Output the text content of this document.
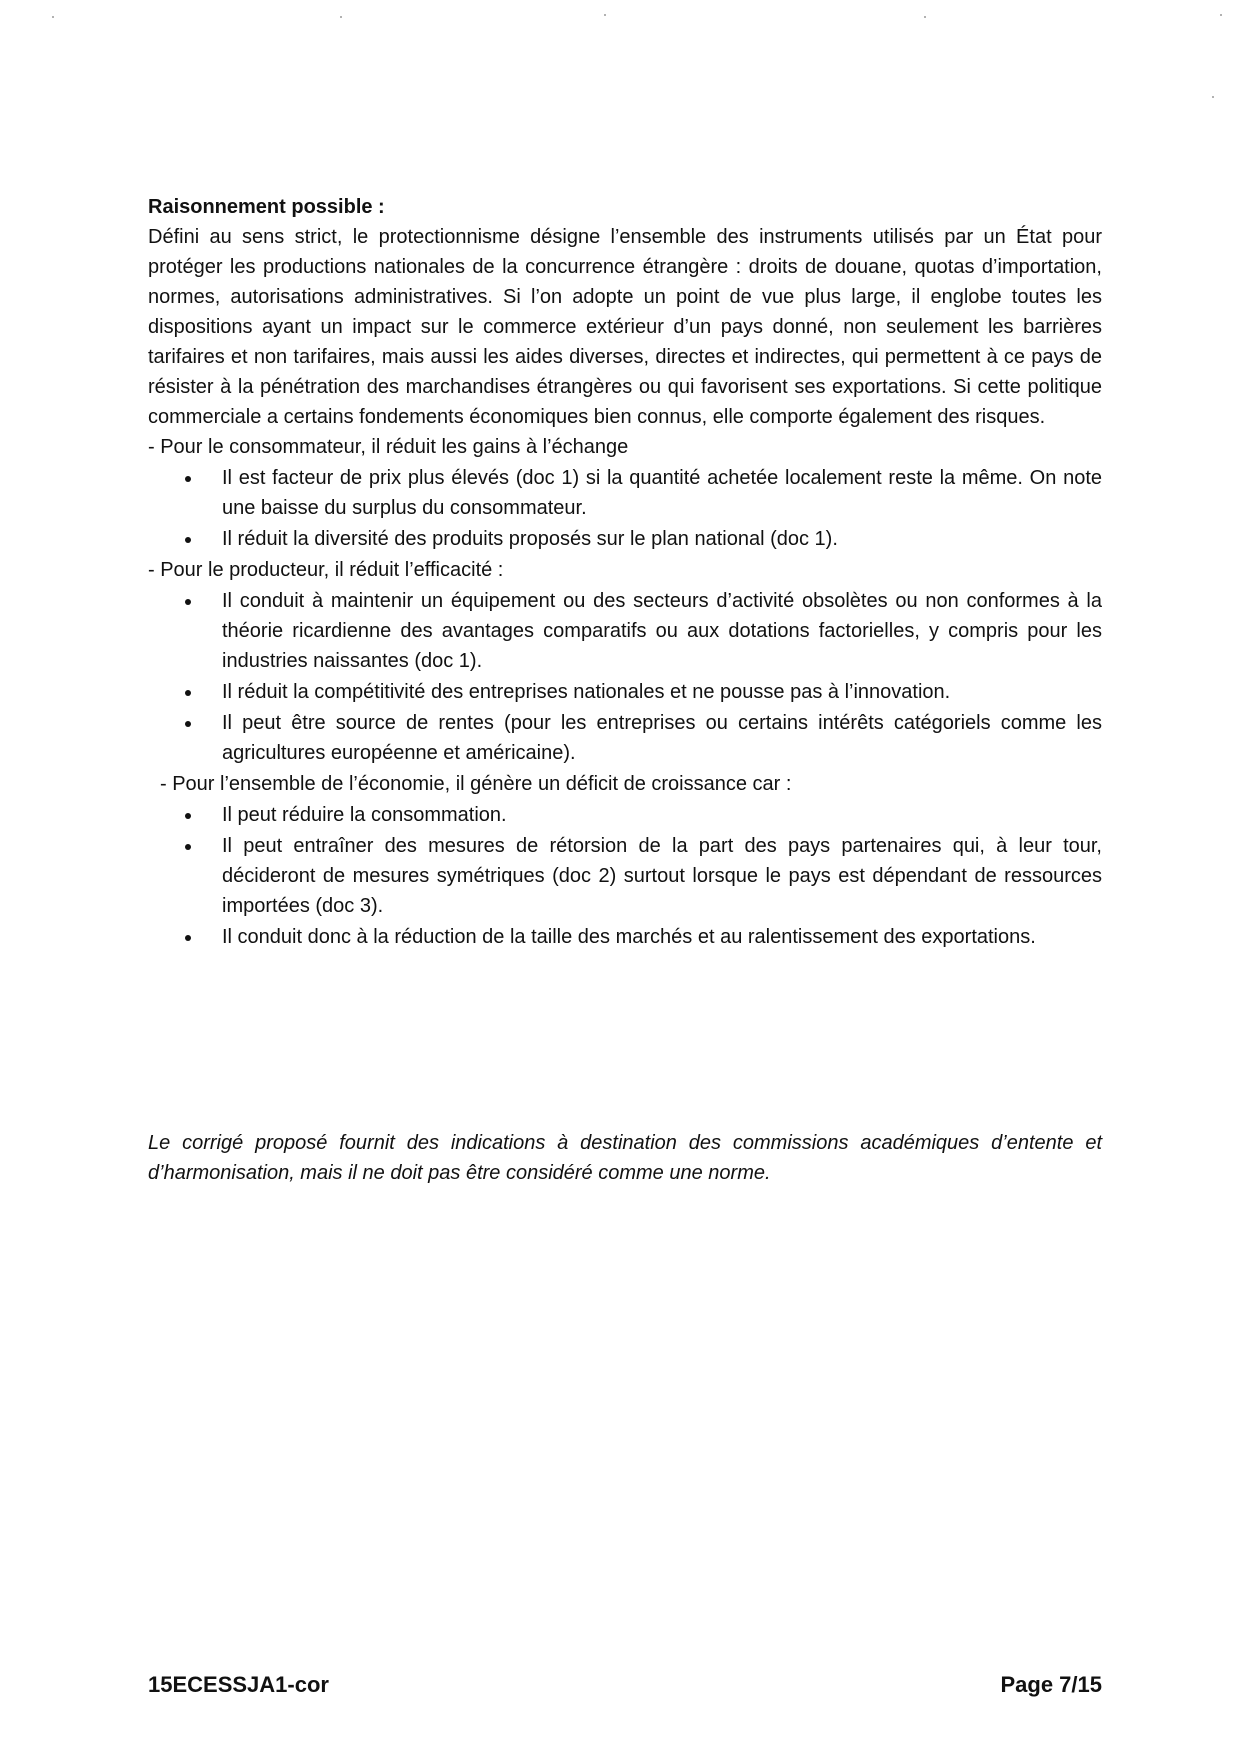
Raisonnement possible :

Défini au sens strict, le protectionnisme désigne l’ensemble des instruments utilisés par un État pour protéger les productions nationales de la concurrence étrangère : droits de douane, quotas d’importation, normes, autorisations administratives. Si l’on adopte un point de vue plus large, il englobe toutes les dispositions ayant un impact sur le commerce extérieur d’un pays donné, non seulement les barrières tarifaires et non tarifaires, mais aussi les aides diverses, directes et indirectes, qui permettent à ce pays de résister à la pénétration des marchandises étrangères ou qui favorisent ses exportations. Si cette politique commerciale a certains fondements économiques bien connus, elle comporte également des risques.

- Pour le consommateur, il réduit les gains à l’échange

Il est facteur de prix plus élevés (doc 1) si la quantité achetée localement reste la même. On note une baisse du surplus du consommateur.
Il réduit la diversité des produits proposés sur le plan national (doc 1).

- Pour le producteur, il réduit l’efficacité :

Il conduit à maintenir un équipement ou des secteurs d’activité obsolètes ou non conformes à la théorie ricardienne des avantages comparatifs ou aux dotations factorielles, y compris pour les industries naissantes (doc 1).
Il réduit la compétitivité des entreprises nationales et ne pousse pas à l’innovation.
Il peut être source de rentes (pour les entreprises ou certains intérêts catégoriels comme les agricultures européenne et américaine).

- Pour l’ensemble de l’économie, il génère un déficit de croissance car :

Il peut réduire la consommation.
Il peut entraîner des mesures de rétorsion de la part des pays partenaires qui, à leur tour, décideront de mesures symétriques (doc 2) surtout lorsque le pays est dépendant de ressources importées (doc 3).
Il conduit donc à la réduction de la taille des marchés et au ralentissement des exportations.

Le corrigé proposé fournit des indications à destination des commissions académiques d’entente et d’harmonisation, mais il ne doit pas être considéré comme une norme.

15ECESSJA1-cor	Page 7/15
